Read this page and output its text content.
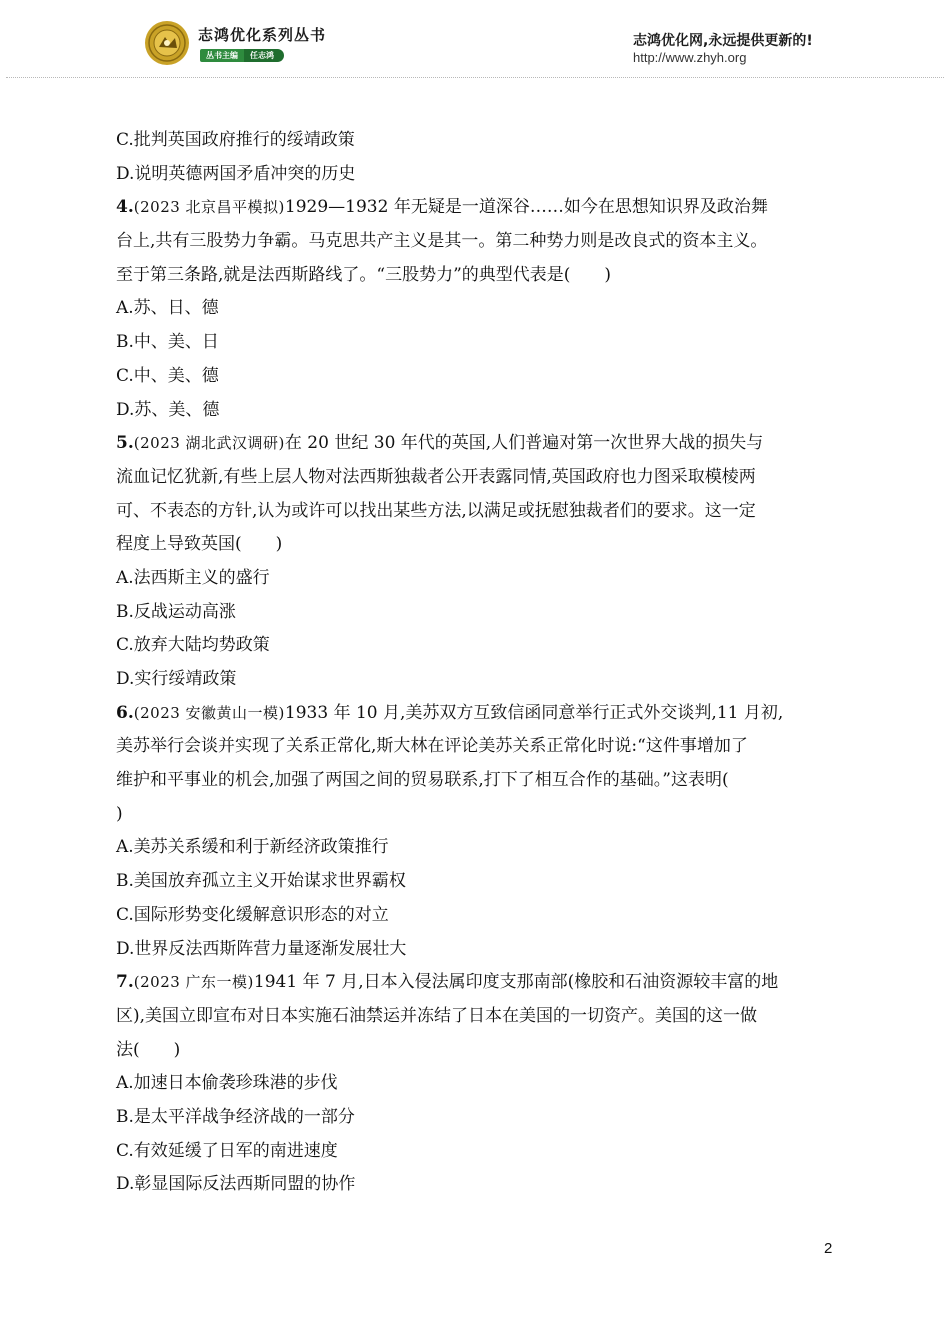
志鸿优化系列丛书
丛书主编	任志鸿
志鸿优化网,永远提供更新的!
http://www.zhyh.org
C.批判英国政府推行的绥靖政策
D.说明英德两国矛盾冲突的历史
4.(2023 北京昌平模拟)1929—1932 年无疑是一道深谷……如今在思想知识界及政治舞
台上,共有三股势力争霸。马克思共产主义是其一。第二种势力则是改良式的资本主义。
至于第三条路,就是法西斯路线了。“三股势力”的典型代表是(　　)
A.苏、日、德
B.中、美、日
C.中、美、德
D.苏、美、德
5.(2023 湖北武汉调研)在 20 世纪 30 年代的英国,人们普遍对第一次世界大战的损失与
流血记忆犹新,有些上层人物对法西斯独裁者公开表露同情,英国政府也力图采取模棱两
可、不表态的方针,认为或许可以找出某些方法,以满足或抚慰独裁者们的要求。这一定
程度上导致英国(　　)
A.法西斯主义的盛行
B.反战运动高涨
C.放弃大陆均势政策
D.实行绥靖政策
6.(2023 安徽黄山一模)1933 年 10 月,美苏双方互致信函同意举行正式外交谈判,11 月初,
美苏举行会谈并实现了关系正常化,斯大林在评论美苏关系正常化时说:“这件事增加了
维护和平事业的机会,加强了两国之间的贸易联系,打下了相互合作的基础。”这表明(
)
A.美苏关系缓和利于新经济政策推行
B.美国放弃孤立主义开始谋求世界霸权
C.国际形势变化缓解意识形态的对立
D.世界反法西斯阵营力量逐渐发展壮大
7.(2023 广东一模)1941 年 7 月,日本入侵法属印度支那南部(橡胶和石油资源较丰富的地
区),美国立即宣布对日本实施石油禁运并冻结了日本在美国的一切资产。美国的这一做
法(　　)
A.加速日本偷袭珍珠港的步伐
B.是太平洋战争经济战的一部分
C.有效延缓了日军的南进速度
D.彰显国际反法西斯同盟的协作
2
